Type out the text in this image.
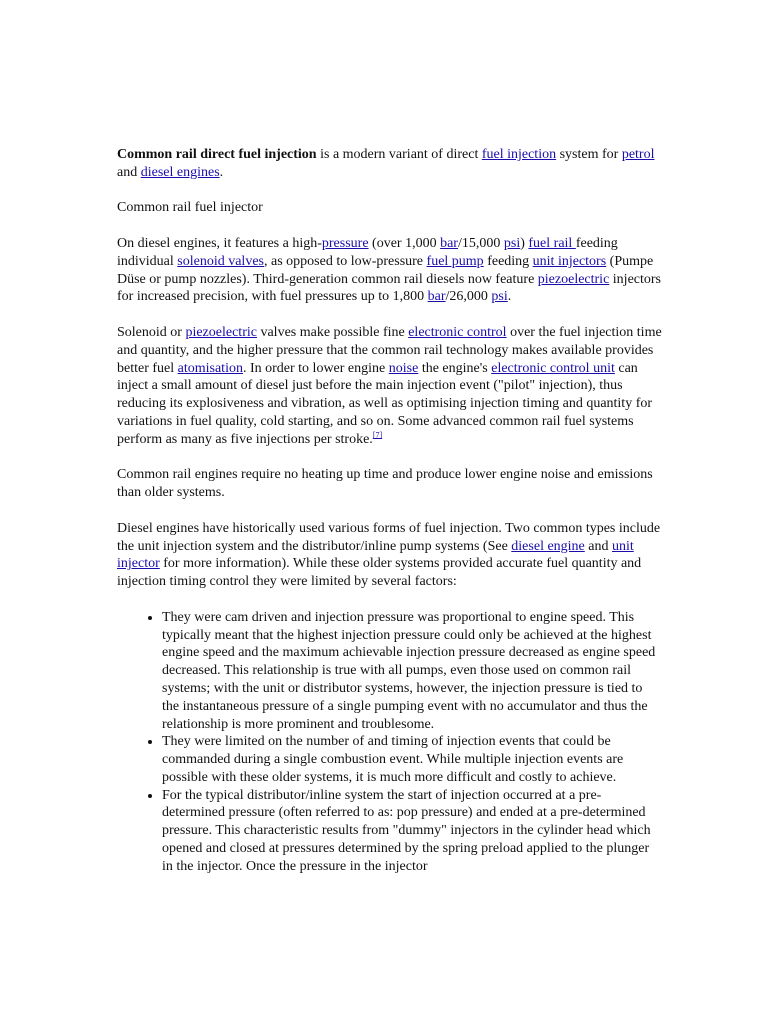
Common rail direct fuel injection is a modern variant of direct fuel injection system for petrol and diesel engines.

Common rail fuel injector

On diesel engines, it features a high-pressure (over 1,000 bar/15,000 psi) fuel rail feeding individual solenoid valves, as opposed to low-pressure fuel pump feeding unit injectors (Pumpe Düse or pump nozzles). Third-generation common rail diesels now feature piezoelectric injectors for increased precision, with fuel pressures up to 1,800 bar/26,000 psi.

Solenoid or piezoelectric valves make possible fine electronic control over the fuel injection time and quantity, and the higher pressure that the common rail technology makes available provides better fuel atomisation. In order to lower engine noise the engine's electronic control unit can inject a small amount of diesel just before the main injection event ("pilot" injection), thus reducing its explosiveness and vibration, as well as optimising injection timing and quantity for variations in fuel quality, cold starting, and so on. Some advanced common rail fuel systems perform as many as five injections per stroke.[7]

Common rail engines require no heating up time and produce lower engine noise and emissions than older systems.

Diesel engines have historically used various forms of fuel injection. Two common types include the unit injection system and the distributor/inline pump systems (See diesel engine and unit injector for more information). While these older systems provided accurate fuel quantity and injection timing control they were limited by several factors:

• They were cam driven and injection pressure was proportional to engine speed. This typically meant that the highest injection pressure could only be achieved at the highest engine speed and the maximum achievable injection pressure decreased as engine speed decreased. This relationship is true with all pumps, even those used on common rail systems; with the unit or distributor systems, however, the injection pressure is tied to the instantaneous pressure of a single pumping event with no accumulator and thus the relationship is more prominent and troublesome.
• They were limited on the number of and timing of injection events that could be commanded during a single combustion event. While multiple injection events are possible with these older systems, it is much more difficult and costly to achieve.
• For the typical distributor/inline system the start of injection occurred at a pre-determined pressure (often referred to as: pop pressure) and ended at a pre-determined pressure. This characteristic results from "dummy" injectors in the cylinder head which opened and closed at pressures determined by the spring preload applied to the plunger in the injector. Once the pressure in the injector
